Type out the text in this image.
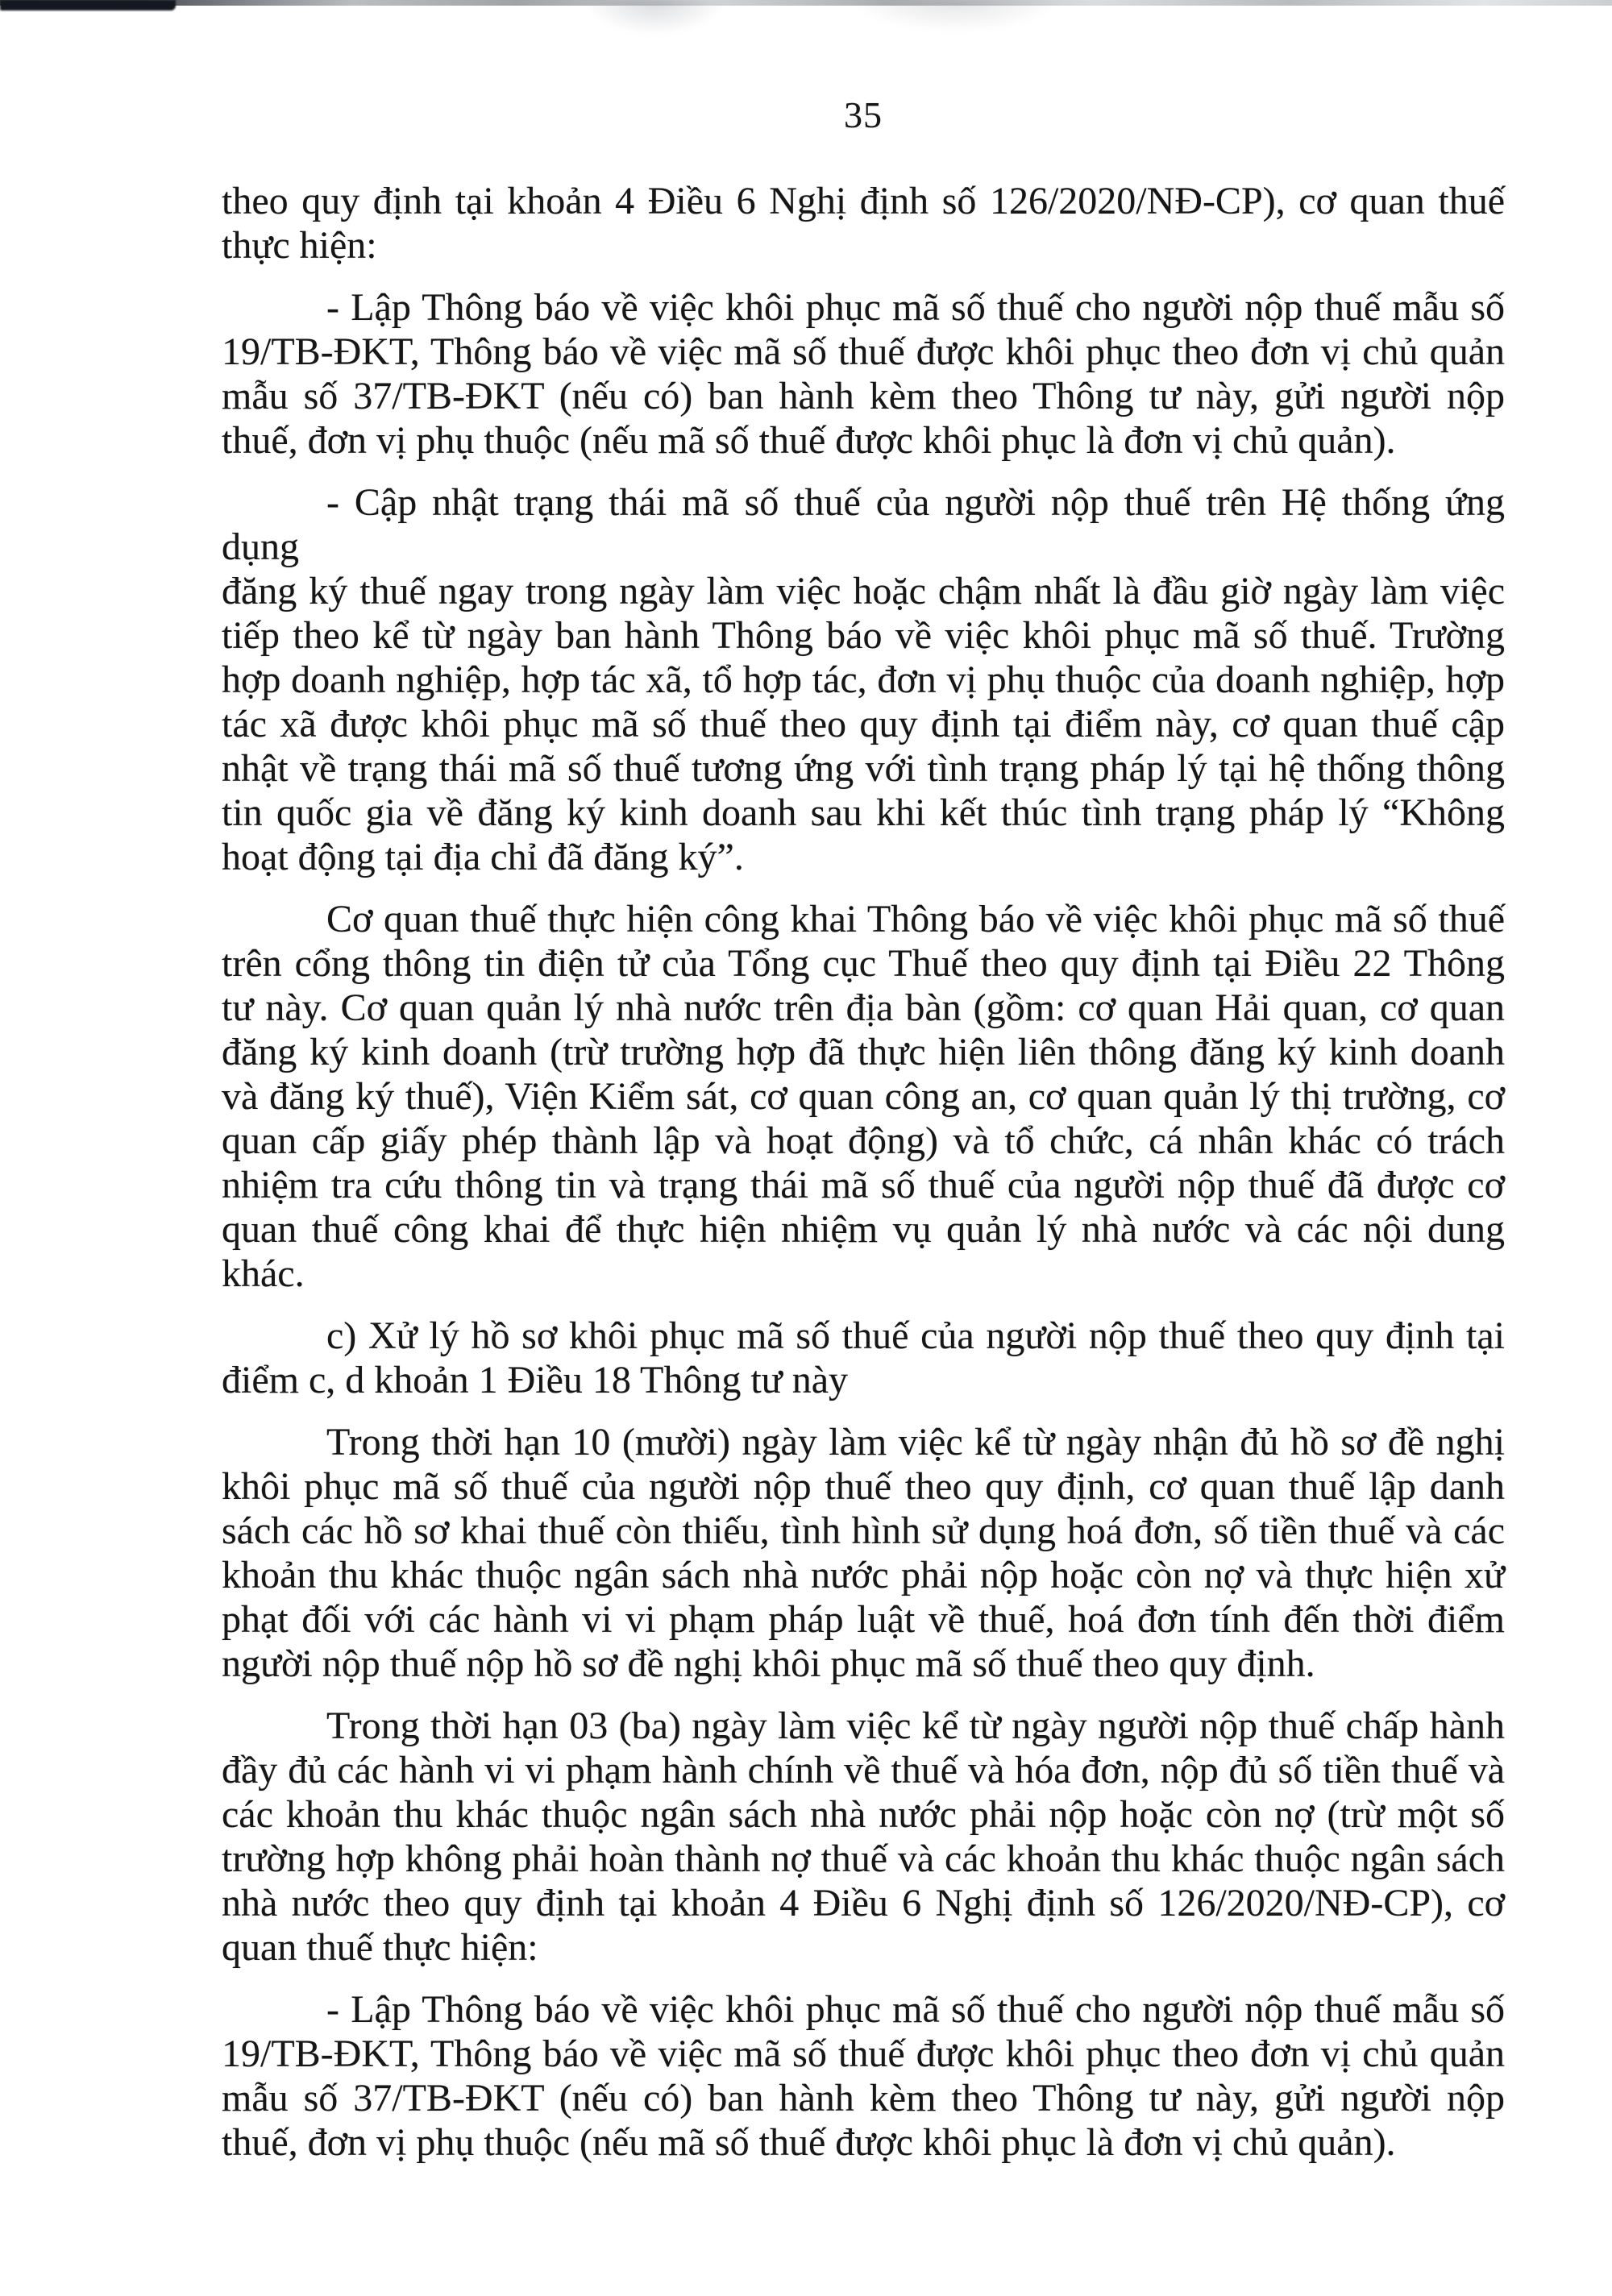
35
theo quy định tại khoản 4 Điều 6 Nghị định số 126/2020/NĐ-CP), cơ quan thuế
thực hiện:
- Lập Thông báo về việc khôi phục mã số thuế cho người nộp thuế mẫu số
19/TB-ĐKT, Thông báo về việc mã số thuế được khôi phục theo đơn vị chủ quản
mẫu số 37/TB-ĐKT (nếu có) ban hành kèm theo Thông tư này, gửi người nộp
thuế, đơn vị phụ thuộc (nếu mã số thuế được khôi phục là đơn vị chủ quản).
- Cập nhật trạng thái mã số thuế của người nộp thuế trên Hệ thống ứng dụng
đăng ký thuế ngay trong ngày làm việc hoặc chậm nhất là đầu giờ ngày làm việc
tiếp theo kể từ ngày ban hành Thông báo về việc khôi phục mã số thuế. Trường
hợp doanh nghiệp, hợp tác xã, tổ hợp tác, đơn vị phụ thuộc của doanh nghiệp, hợp
tác xã được khôi phục mã số thuế theo quy định tại điểm này, cơ quan thuế cập
nhật về trạng thái mã số thuế tương ứng với tình trạng pháp lý tại hệ thống thông
tin quốc gia về đăng ký kinh doanh sau khi kết thúc tình trạng pháp lý “Không
hoạt động tại địa chỉ đã đăng ký”.
Cơ quan thuế thực hiện công khai Thông báo về việc khôi phục mã số thuế
trên cổng thông tin điện tử của Tổng cục Thuế theo quy định tại Điều 22 Thông
tư này. Cơ quan quản lý nhà nước trên địa bàn (gồm: cơ quan Hải quan, cơ quan
đăng ký kinh doanh (trừ trường hợp đã thực hiện liên thông đăng ký kinh doanh
và đăng ký thuế), Viện Kiểm sát, cơ quan công an, cơ quan quản lý thị trường, cơ
quan cấp giấy phép thành lập và hoạt động) và tổ chức, cá nhân khác có trách
nhiệm tra cứu thông tin và trạng thái mã số thuế của người nộp thuế đã được cơ
quan thuế công khai để thực hiện nhiệm vụ quản lý nhà nước và các nội dung
khác.
c) Xử lý hồ sơ khôi phục mã số thuế của người nộp thuế theo quy định tại
điểm c, d khoản 1 Điều 18 Thông tư này
Trong thời hạn 10 (mười) ngày làm việc kể từ ngày nhận đủ hồ sơ đề nghị
khôi phục mã số thuế của người nộp thuế theo quy định, cơ quan thuế lập danh
sách các hồ sơ khai thuế còn thiếu, tình hình sử dụng hoá đơn, số tiền thuế và các
khoản thu khác thuộc ngân sách nhà nước phải nộp hoặc còn nợ và thực hiện xử
phạt đối với các hành vi vi phạm pháp luật về thuế, hoá đơn tính đến thời điểm
người nộp thuế nộp hồ sơ đề nghị khôi phục mã số thuế theo quy định.
Trong thời hạn 03 (ba) ngày làm việc kể từ ngày người nộp thuế chấp hành
đầy đủ các hành vi vi phạm hành chính về thuế và hóa đơn, nộp đủ số tiền thuế và
các khoản thu khác thuộc ngân sách nhà nước phải nộp hoặc còn nợ (trừ một số
trường hợp không phải hoàn thành nợ thuế và các khoản thu khác thuộc ngân sách
nhà nước theo quy định tại khoản 4 Điều 6 Nghị định số 126/2020/NĐ-CP), cơ
quan thuế thực hiện:
- Lập Thông báo về việc khôi phục mã số thuế cho người nộp thuế mẫu số
19/TB-ĐKT, Thông báo về việc mã số thuế được khôi phục theo đơn vị chủ quản
mẫu số 37/TB-ĐKT (nếu có) ban hành kèm theo Thông tư này, gửi người nộp
thuế, đơn vị phụ thuộc (nếu mã số thuế được khôi phục là đơn vị chủ quản).
